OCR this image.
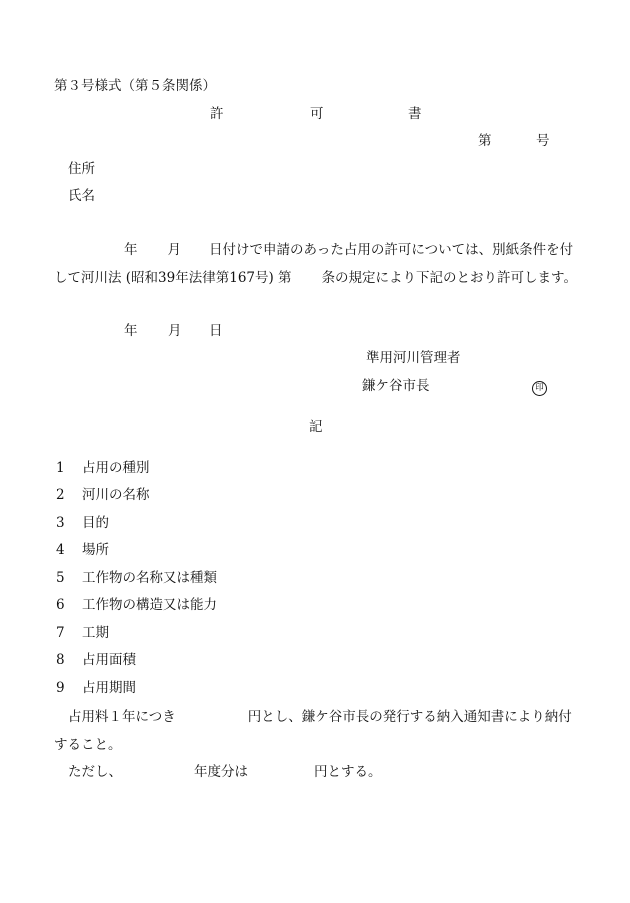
第３号様式（第５条関係）
許	可	書
第	号
住所
氏名
年 月 日付けで申請のあった占用の許可については、別紙条件を付して河川法 (昭和39年法律第167号) 第 条の規定により下記のとおり許可します。
年 月 日
準用河川管理者
鎌ケ谷市長	印
記
1 占用の種別
2 河川の名称
3 目的
4 場所
5 工作物の名称又は種類
6 工作物の構造又は能力
7 工期
8 占用面積
9 占用期間
占用料１年につき	円とし、鎌ケ谷市長の発行する納入通知書により納付すること。
ただし、	年度分は	円とする。
